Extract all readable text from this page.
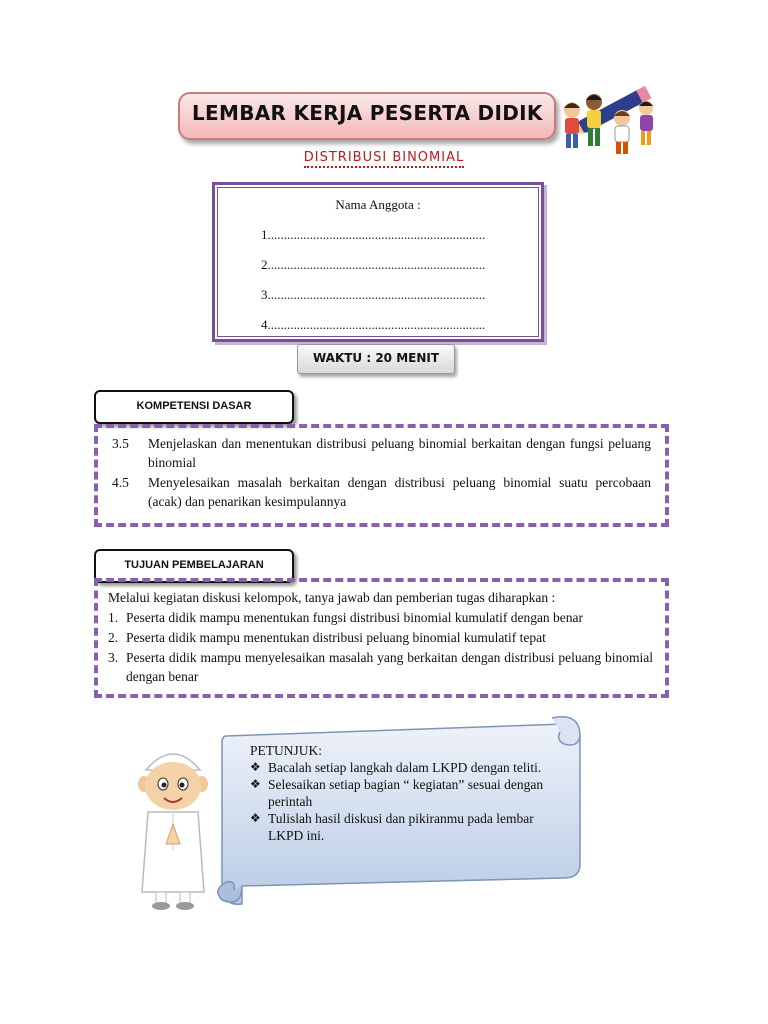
LEMBAR KERJA PESERTA DIDIK
DISTRIBUSI BINOMIAL
Nama Anggota :
1...................................................................
2...................................................................
3...................................................................
4...................................................................
WAKTU : 20 MENIT
KOMPETENSI DASAR
3.5 Menjelaskan dan menentukan distribusi peluang binomial berkaitan dengan fungsi peluang binomial
4.5 Menyelesaikan masalah berkaitan dengan distribusi peluang binomial suatu percobaan (acak) dan penarikan kesimpulannya
TUJUAN PEMBELAJARAN
Melalui kegiatan diskusi kelompok, tanya jawab dan pemberian tugas diharapkan :
1. Peserta didik mampu menentukan fungsi distribusi binomial kumulatif dengan benar
2. Peserta didik mampu menentukan distribusi peluang binomial kumulatif tepat
3. Peserta didik mampu menyelesaikan masalah yang berkaitan dengan distribusi peluang binomial dengan benar
PETUNJUK:
❖ Bacalah setiap langkah dalam LKPD dengan teliti.
❖ Selesaikan setiap bagian “ kegiatan” sesuai dengan perintah
❖ Tulislah hasil diskusi dan pikiranmu pada lembar LKPD ini.
